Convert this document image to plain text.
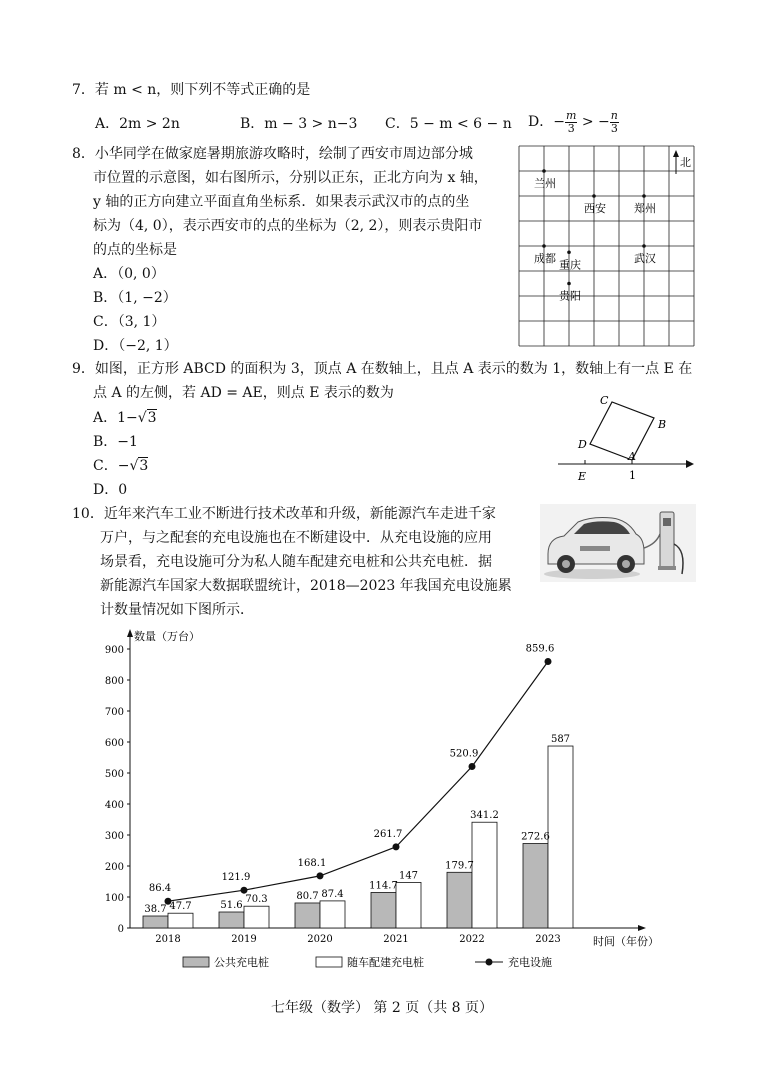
7．若 m < n，则下列不等式正确的是
A．2m > 2n	B．m − 3 > n−3 C．5 − m < 6 − n D．− $\frac{m}{3}$ > − $\frac{n}{3}$
8．小华同学在做家庭暑期旅游攻略时，绘制了西安市周边部分城
市位置的示意图，如右图所示，分别以正东，正北方向为 x 轴，
y 轴的正方向建立平面直角坐标系．如果表示武汉市的点的坐
标为（4, 0），表示西安市的点的坐标为（2, 2），则表示贵阳市
的点的坐标是
A．（0, 0）
B．（1, −2）
C．（3, 1）
D．（−2, 1）
北
兰州
西安	郑州
成都 重庆	武汉
贵阳
9．如图，正方形 ABCD 的面积为 3，顶点 A 在数轴上，且点 A 表示的数为 1，数轴上有一点 E 在
点 A 的左侧，若 AD = AE，则点 E 表示的数为
A．1−√3
B．−1
C．−√3
D．0
A
B
C
D
E	1
10．近年来汽车工业不断进行技术改革和升级，新能源汽车走进千家
万户，与之配套的充电设施也在不断建设中．从充电设施的应用
场景看，充电设施可分为私人随车配建充电桩和公共充电桩．据
新能源汽车国家大数据联盟统计，2018—2023 年我国充电设施累
计数量情况如下图所示．
0
100
200
300
400
500
600
700
800
900
38.7 47.7	51.6
70.3	80.7 87.4
114.7
147
179.7
341.2
272.6
587
86.4
121.9
168.1
261.7
520.9
859.6
2018	2019	2020	2021	2022	2023
数量（万台）
时间（年份）
公共充电桩	随车配建充电桩	充电设施
七年级（数学） 第 2 页（共 8 页）
